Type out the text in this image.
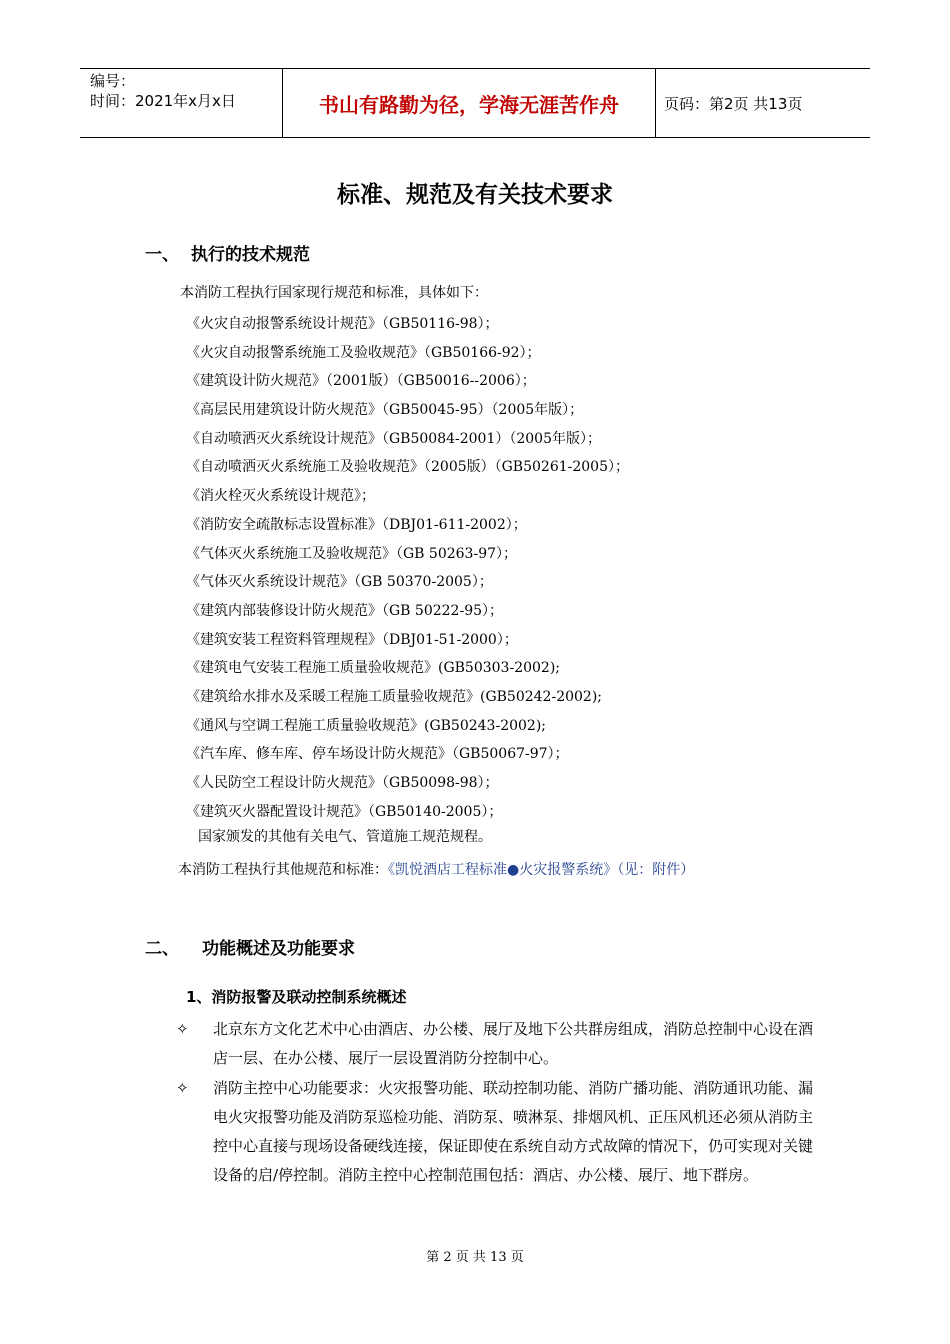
编号：
时间：2021年x月x日	书山有路勤为径，学海无涯苦作舟	页码：第2页 共13页
标准、规范及有关技术要求
一、 执行的技术规范
本消防工程执行国家现行规范和标准，具体如下：
《火灾自动报警系统设计规范》（GB50116-98）；
《火灾自动报警系统施工及验收规范》（GB50166-92）；
《建筑设计防火规范》（2001版）（GB50016--2006）；
《高层民用建筑设计防火规范》（GB50045-95）（2005年版）；
《自动喷洒灭火系统设计规范》（GB50084-2001）（2005年版）；
《自动喷洒灭火系统施工及验收规范》（2005版）（GB50261-2005）；
《消火栓灭火系统设计规范》；
《消防安全疏散标志设置标准》（DBJ01-611-2002）；
《气体灭火系统施工及验收规范》（GB 50263-97）；
《气体灭火系统设计规范》（GB 50370-2005）；
《建筑内部装修设计防火规范》（GB 50222-95）；
《建筑安装工程资料管理规程》（DBJ01-51-2000）；
《建筑电气安装工程施工质量验收规范》(GB50303-2002);
《建筑给水排水及采暖工程施工质量验收规范》(GB50242-2002);
《通风与空调工程施工质量验收规范》(GB50243-2002);
《汽车库、修车库、停车场设计防火规范》（GB50067-97）；
《人民防空工程设计防火规范》（GB50098-98）；
《建筑灭火器配置设计规范》（GB50140-2005）；
国家颁发的其他有关电气、管道施工规范规程。
本消防工程执行其他规范和标准：《凯悦酒店工程标准●火灾报警系统》（见：附件）
二、 功能概述及功能要求
1、消防报警及联动控制系统概述
✧	北京东方文化艺术中心由酒店、办公楼、展厅及地下公共群房组成，消防总控制中心设在酒店一层、在办公楼、展厅一层设置消防分控制中心。
✧	消防主控中心功能要求：火灾报警功能、联动控制功能、消防广播功能、消防通讯功能、漏电火灾报警功能及消防泵巡检功能、消防泵、喷淋泵、排烟风机、正压风机还必须从消防主控中心直接与现场设备硬线连接，保证即使在系统自动方式故障的情况下，仍可实现对关键设备的启/停控制。消防主控中心控制范围包括：酒店、办公楼、展厅、地下群房。
第 2 页 共 13 页
